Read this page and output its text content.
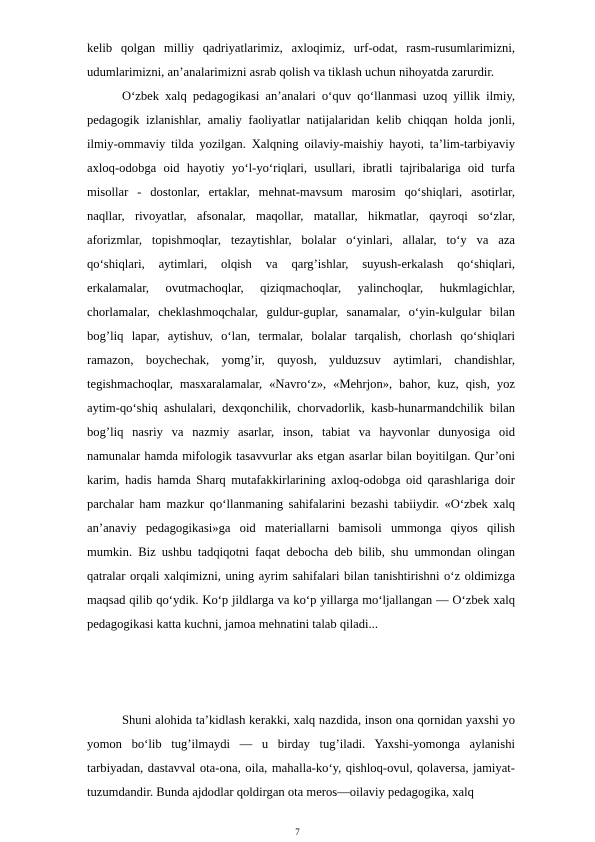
kelib qolgan milliy qadriyatlarimiz, axloqimiz, urf-odat, rasm-rusumlarimizni, udumlarimizni, an’analarimizni asrab qolish va tiklash uchun nihoyatda zarurdir.

O‘zbek xalq pedagogikasi an’analari o‘quv qo‘llanmasi uzoq yillik ilmiy, pedagogik izlanishlar, amaliy faoliyatlar natijalaridan kelib chiqqan holda jonli, ilmiy-ommaviy tilda yozilgan. Xalqning oilaviy-maishiy hayoti, ta’lim-tarbiyaviy axloq-odobga oid hayotiy yo‘l-yo‘riqlari, usullari, ibratli tajribalariga oid turfa misollar - dostonlar, ertaklar, mehnat-mavsum marosim qo‘shiqlari, asotirlar, naqllar, rivoyatlar, afsonalar, maqollar, matallar, hikmatlar, qayroqi so‘zlar, aforizmlar, topishmoqlar, tezaytishlar, bolalar o‘yinlari, allalar, to‘y va aza qo‘shiqlari, aytimlari, olqish va qarg’ishlar, suyush-erkalash qo‘shiqlari, erkalamalar, ovutmachoqlar, qiziqmachoqlar, yalinchoqlar, hukmlagichlar, chorlamalar, cheklashmoqchalar, guldur-guplar, sanamalar, o‘yin-kulgular bilan bog’liq lapar, aytishuv, o‘lan, termalar, bolalar tarqalish, chorlash qo‘shiqlari ramazon, boychechak, yomg’ir, quyosh, yulduzsuv aytimlari, chandishlar, tegishmachoqlar, masxaralamalar, «Navro‘z», «Mehrjon», bahor, kuz, qish, yoz aytim-qo‘shiq ashulalari, dexqonchilik, chorvadorlik, kasb-hunarmandchilik bilan bog’liq nasriy va nazmiy asarlar, inson, tabiat va hayvonlar dunyosiga oid namunalar hamda mifologik tasavvurlar aks etgan asarlar bilan boyitilgan. Qur’oni karim, hadis hamda Sharq mutafakkirlarining axloq-odobga oid qarashlariga doir parchalar ham mazkur qo‘llanmaning sahifalarini bezashi tabiiydir. «O‘zbek xalq an’anaviy pedagogikasi»ga oid materiallarni bamisoli ummonga qiyos qilish mumkin. Biz ushbu tadqiqotni faqat debocha deb bilib, shu ummondan olingan qatralar orqali xalqimizni, uning ayrim sahifalari bilan tanishtirishni o‘z oldimizga maqsad qilib qo‘ydik. Ko‘p jildlarga va ko‘p yillarga mo‘ljallangan — O‘zbek xalq pedagogikasi katta kuchni, jamoa mehnatini talab qiladi...

Shuni alohida ta’kidlash kerakki, xalq nazdida, inson ona qornidan yaxshi yo yomon bo‘lib tug’ilmaydi — u birday tug’iladi. Yaxshi-yomonga aylanishi tarbiyadan, dastavval ota-ona, oila, mahalla-ko‘y, qishloq-ovul, qolaversa, jamiyat-tuzumdandir. Bunda ajdodlar qoldirgan ota meros—oilaviy pedagogika, xalq

7
